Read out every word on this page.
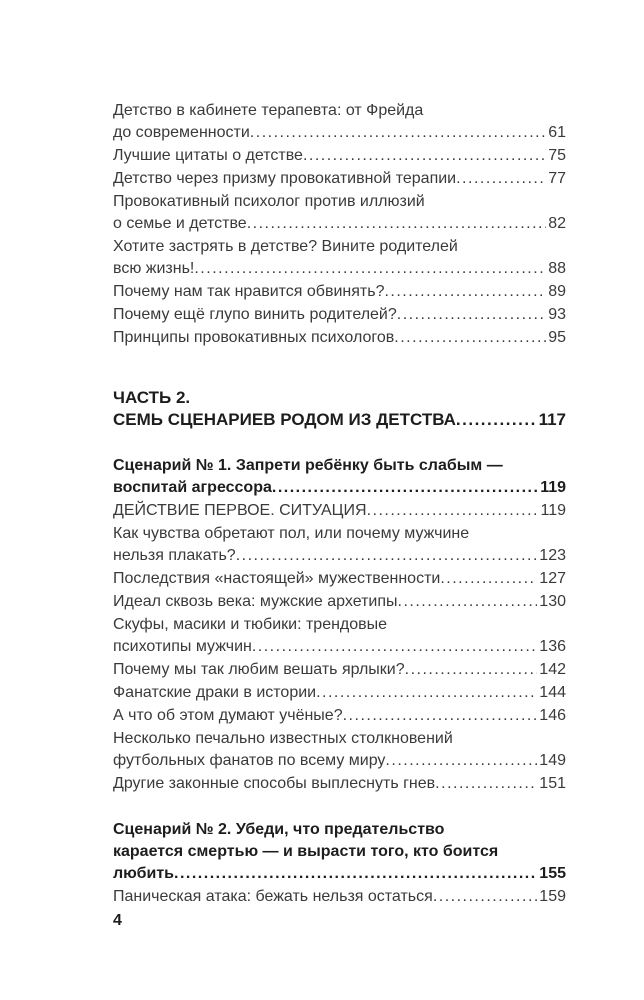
Детство в кабинете терапевта: от Фрейда
до современности .....	61
Лучшие цитаты о детстве .....	75
Детство через призму провокативной терапии .....	77
Провокативный психолог против иллюзий
о семье и детстве .....	82
Хотите застрять в детстве? Вините родителей
всю жизнь! .....	88
Почему нам так нравится обвинять? .....	89
Почему ещё глупо винить родителей? .....	93
Принципы провокативных психологов .....	95
ЧАСТЬ 2.
СЕМЬ СЦЕНАРИЕВ РОДОМ ИЗ ДЕТСТВА .....	117
Сценарий № 1. Запрети ребёнку быть слабым —
воспитай агрессора .....	119
ДЕЙСТВИЕ ПЕРВОЕ. СИТУАЦИЯ .....	119
Как чувства обретают пол, или почему мужчине
нельзя плакать? .....	123
Последствия «настоящей» мужественности .....	127
Идеал сквозь века: мужские архетипы .....	130
Скуфы, масики и тюбики: трендовые
психотипы мужчин .....	136
Почему мы так любим вешать ярлыки? .....	142
Фанатские драки в истории .....	144
А что об этом думают учёные? .....	146
Несколько печально известных столкновений
футбольных фанатов по всему миру .....	149
Другие законные способы выплеснуть гнев .....	151
Сценарий № 2. Убеди, что предательство
карается смертью — и вырасти того, кто боится
любить .....	155
Паническая атака: бежать нельзя остаться .....	159
4
